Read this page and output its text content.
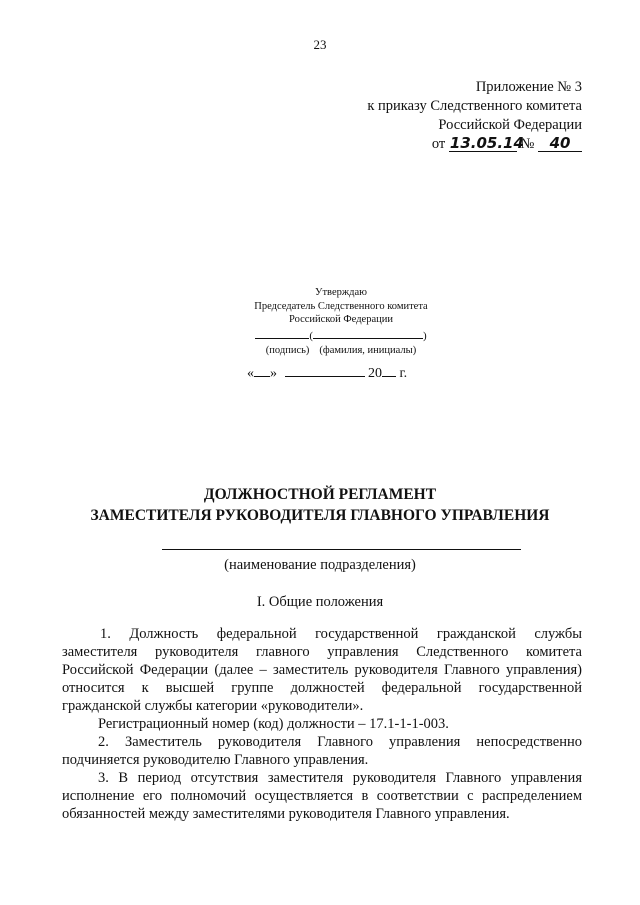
23
Приложение № 3
к приказу Следственного комитета
Российской Федерации
от 13.05.14 № 40
Утверждаю
Председатель Следственного комитета
Российской Федерации
(	)
(подпись) (фамилия, инициалы)
« »	20 г.
ДОЛЖНОСТНОЙ РЕГЛАМЕНТ
ЗАМЕСТИТЕЛЯ РУКОВОДИТЕЛЯ ГЛАВНОГО УПРАВЛЕНИЯ
(наименование подразделения)
I. Общие положения

1. Должность федеральной государственной гражданской службы заместителя руководителя главного управления Следственного комитета Российской Федерации (далее – заместитель руководителя Главного управления) относится к высшей группе должностей федеральной государственной гражданской службы категории «руководители».

Регистрационный номер (код) должности – 17.1-1-1-003.

2. Заместитель руководителя Главного управления непосредственно подчиняется руководителю Главного управления.

3. В период отсутствия заместителя руководителя Главного управления исполнение его полномочий осуществляется в соответствии с распределением обязанностей между заместителями руководителя Главного управления.
